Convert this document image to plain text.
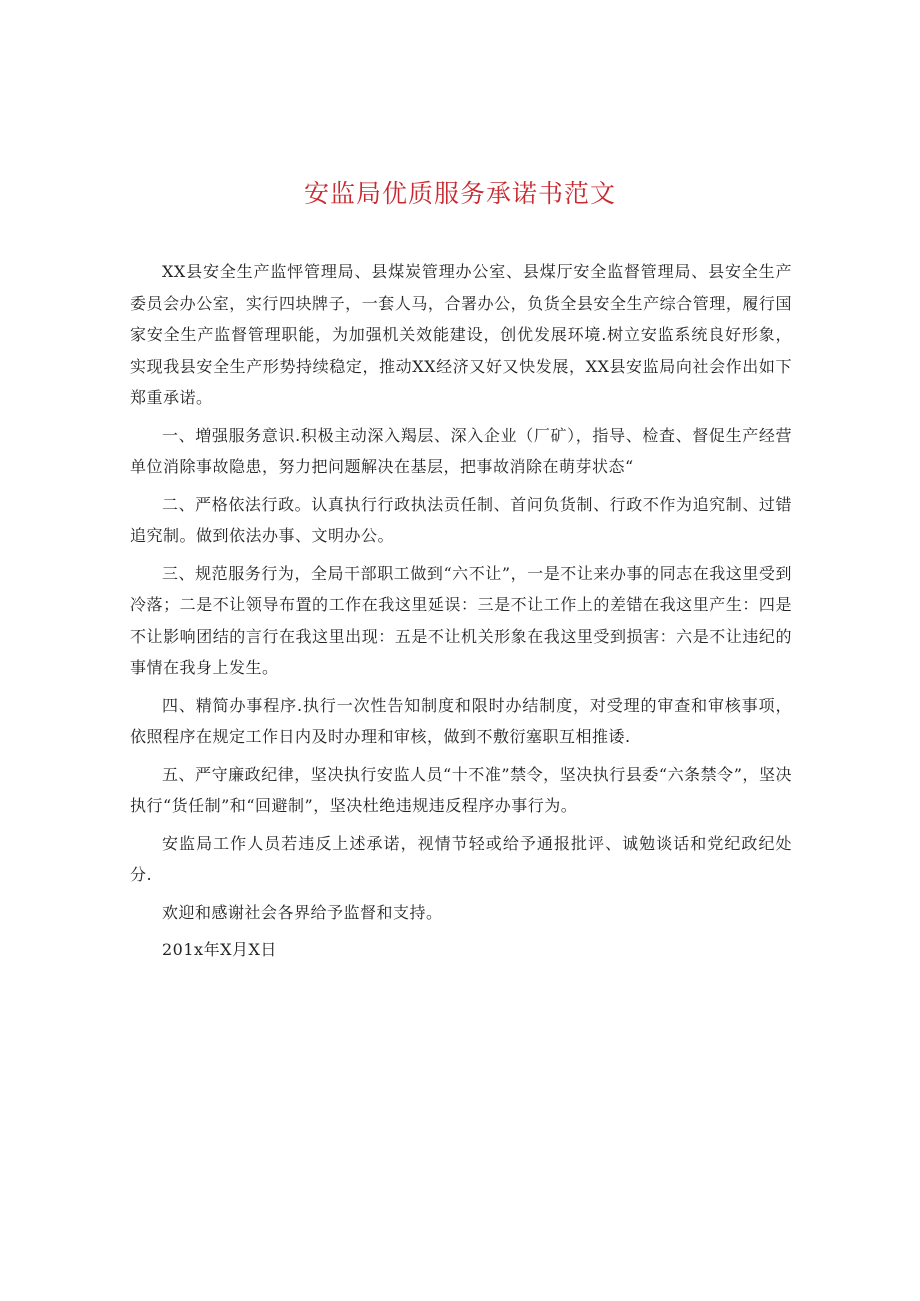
安监局优质服务承诺书范文

XX县安全生产监怦管理局、县煤炭管理办公室、县煤厅安全监督管理局、县安全生产委员会办公室，实行四块牌子，一套人马，合署办公，负货全县安全生产综合管理，履行国家安全生产监督管理职能，为加强机关效能建设，创优发展环境.树立安监系统良好形象，实现我县安全生产形势持续稳定，推动XX经济又好又快发展，XX县安监局向社会作出如下郑重承诺。

一、増强服务意识.积极主动深入羯层、深入企业（厂矿），指导、检査、督促生产经营单位消除事故隐患，努力把问题解决在基层，把事故消除在萌芽状态“

二、严格依法行政。认真执行行政执法贡任制、首问负货制、行政不作为追究制、过错追究制。做到依法办事、文明办公。

三、规范服务行为，全局干部职工做到“六不让”，一是不让来办事的同志在我这里受到冷落；二是不让领导布置的工作在我这里延误：三是不让工作上的差错在我这里产生：四是不让影响团结的言行在我这里出现：五是不让机关形象在我这里受到损害：六是不让违纪的事情在我身上发生。

四、精简办事程序.执行一次性告知制度和限时办结制度，对受理的审查和审核事项，依照程序在规定工作日内及时办理和审核，做到不敷衍塞职互相推诿.

五、严守廉政纪律，坚决执行安监人员“十不准”禁令，坚决执行县委“六条禁令”，坚决执行“货任制”和“回避制”，坚决杜绝违规违反程序办事行为。

安监局工作人员若违反上述承诺，视情节轻或给予通报批评、诚勉谈话和党纪政纪处分.

欢迎和感谢社会各界给予监督和支持。

201x年X月X日
